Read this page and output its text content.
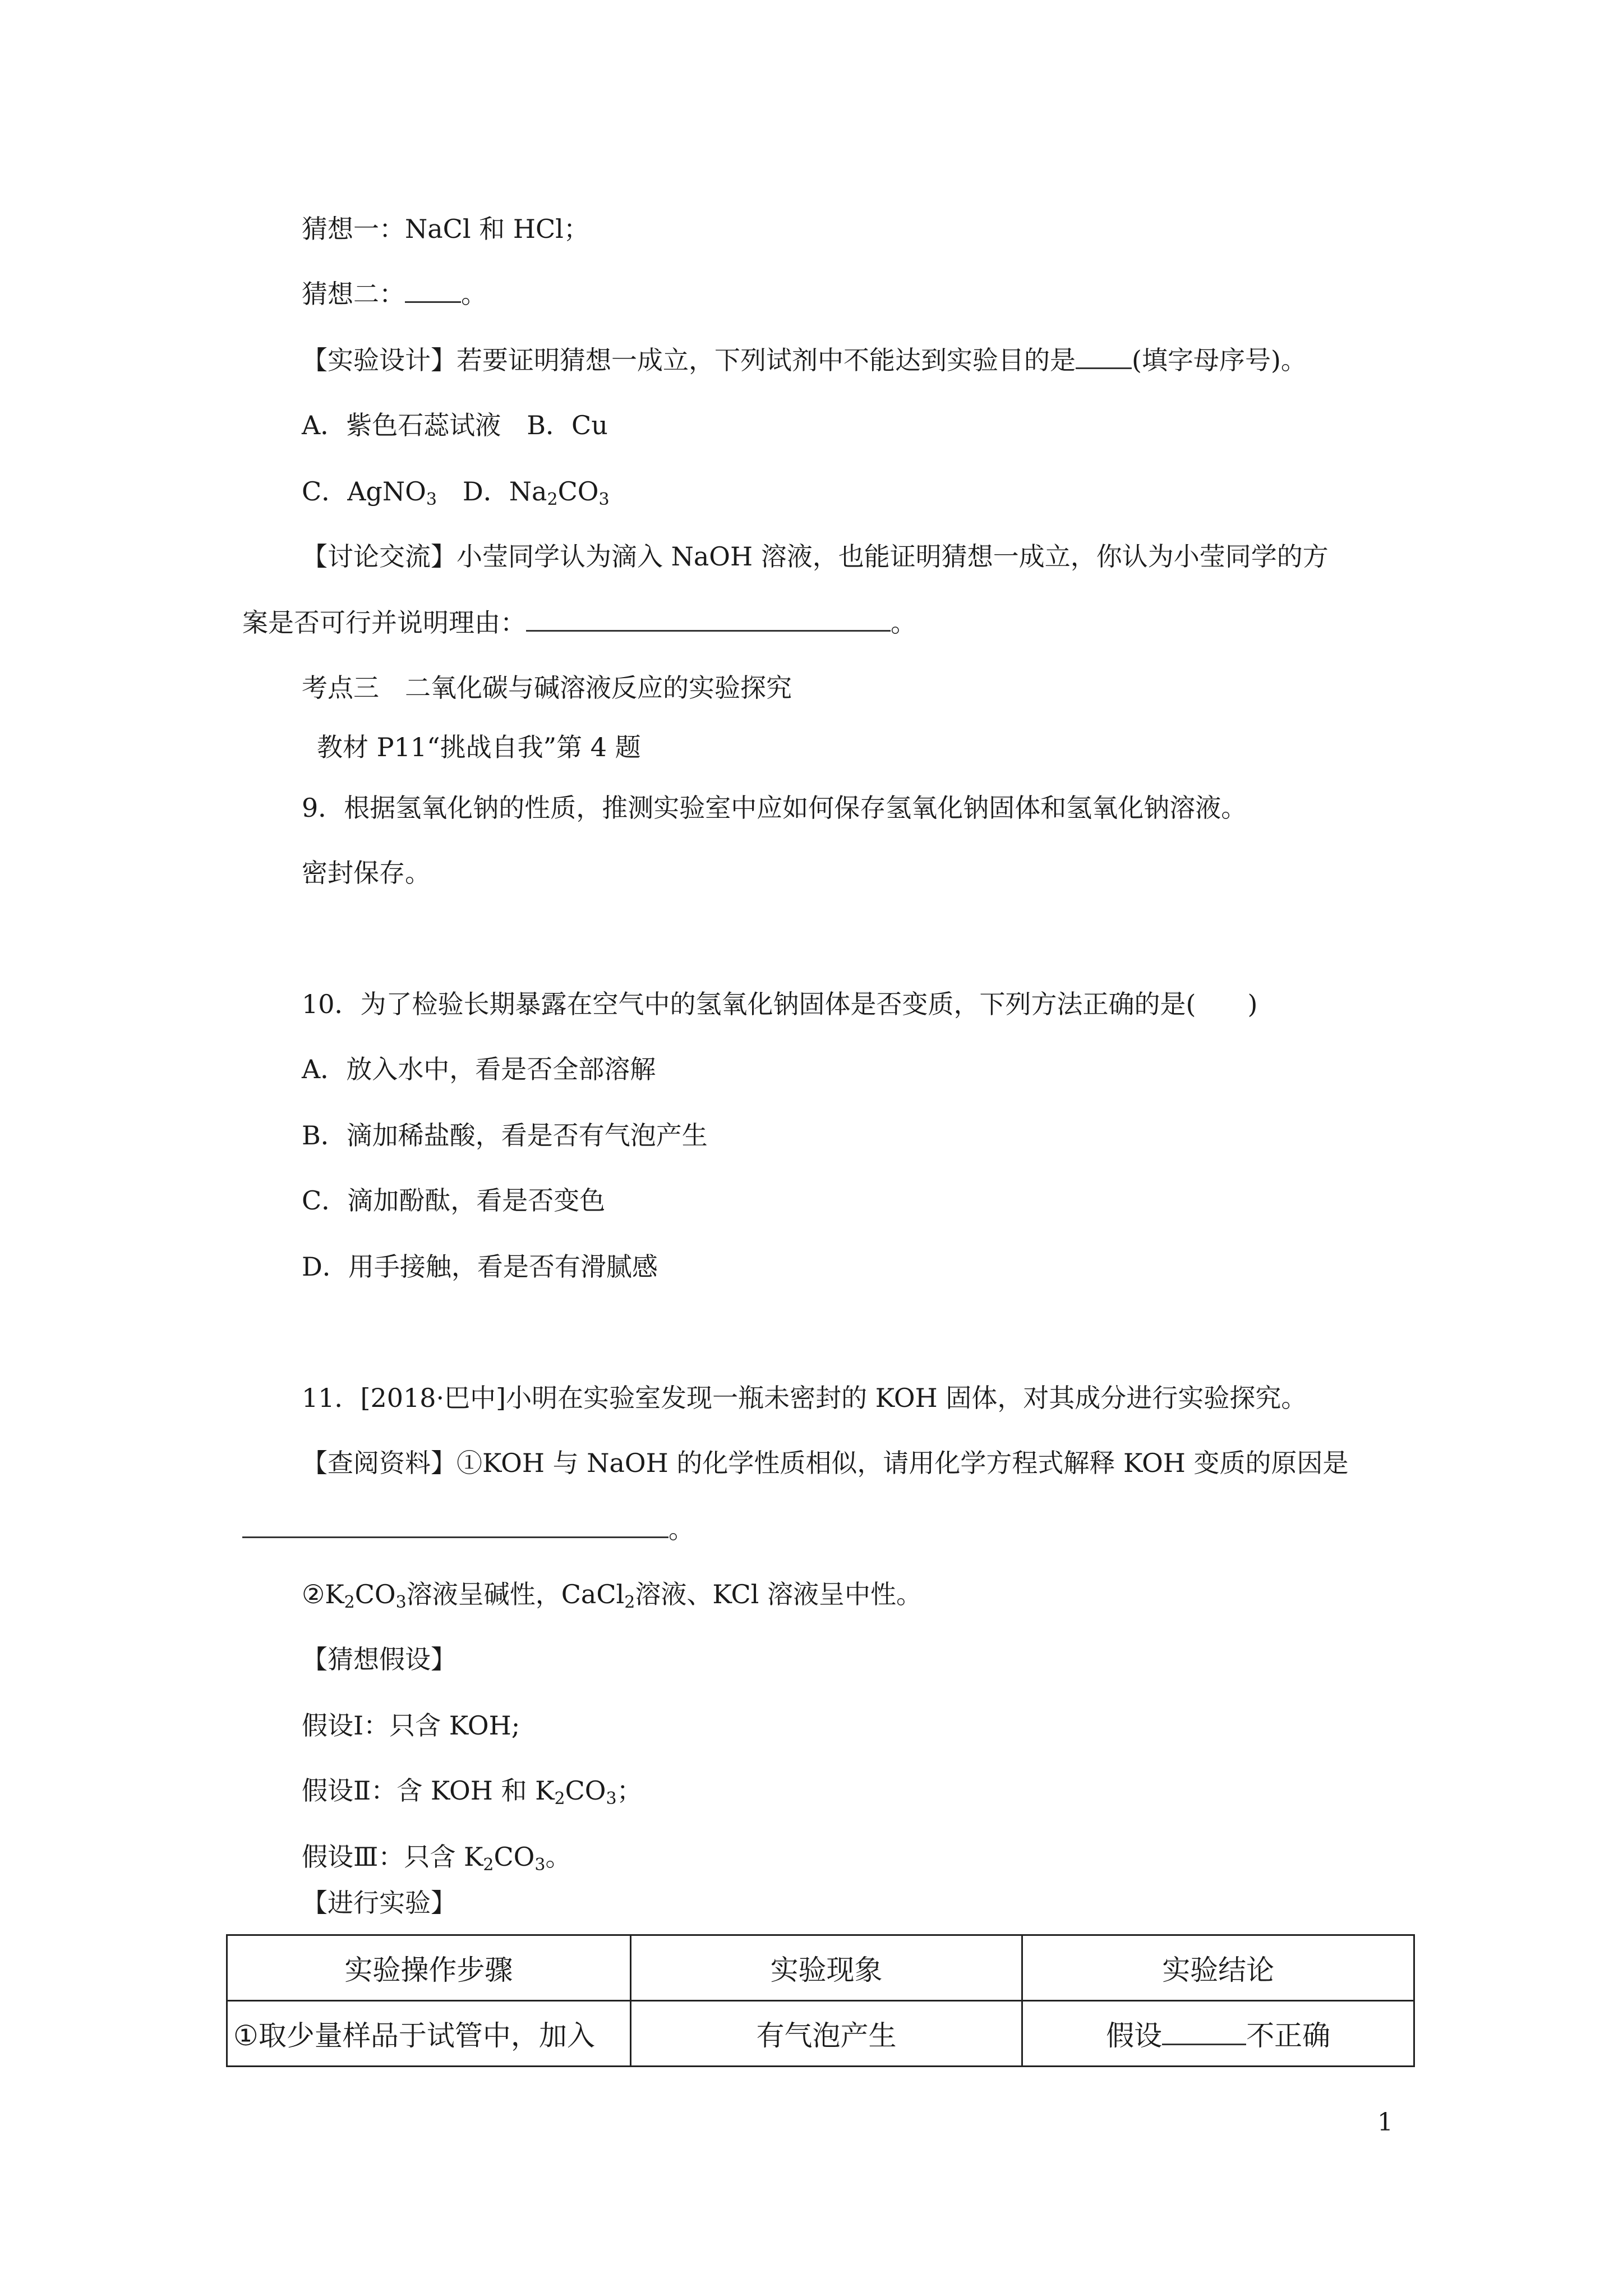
猜想一：NaCl 和 HCl；
猜想二： 。
【实验设计】若要证明猜想一成立，下列试剂中不能达到实验目的是 (填字母序号)。
A．紫色石蕊试液　B．Cu
C．AgNO$_3$　D．$Na_2CO_3$
【讨论交流】小莹同学认为滴入 NaOH 溶液，也能证明猜想一成立，你认为小莹同学的方
案是否可行并说明理由：	。
考点三　二氧化碳与碱溶液反应的实验探究
教材 P11“挑战自我”第 4 题
9．根据氢氧化钠的性质，推测实验室中应如何保存氢氧化钠固体和氢氧化钠溶液。
密封保存。
10．为了检验长期暴露在空气中的氢氧化钠固体是否变质，下列方法正确的是(　　)
A．放入水中，看是否全部溶解
B．滴加稀盐酸，看是否有气泡产生
C．滴加酚酞，看是否变色
D．用手接触，看是否有滑腻感
11．[2018·巴中]小明在实验室发现一瓶未密封的 KOH 固体，对其成分进行实验探究。
【查阅资料】①KOH 与 NaOH 的化学性质相似，请用化学方程式解释 KOH 变质的原因是
。
$②K_2CO_3$溶液呈碱性，CaCl$_2$溶液、KCl 溶液呈中性。
【猜想假设】
假设Ⅰ：只含 KOH;
假设Ⅱ：含 KOH 和 $K_2CO_3$；
假设Ⅲ：只含 $K_2CO_3$。
【进行实验】
实验操作步骤	实验现象	实验结论
①取少量样品于试管中，加入	有气泡产生	假设 不正确
1
